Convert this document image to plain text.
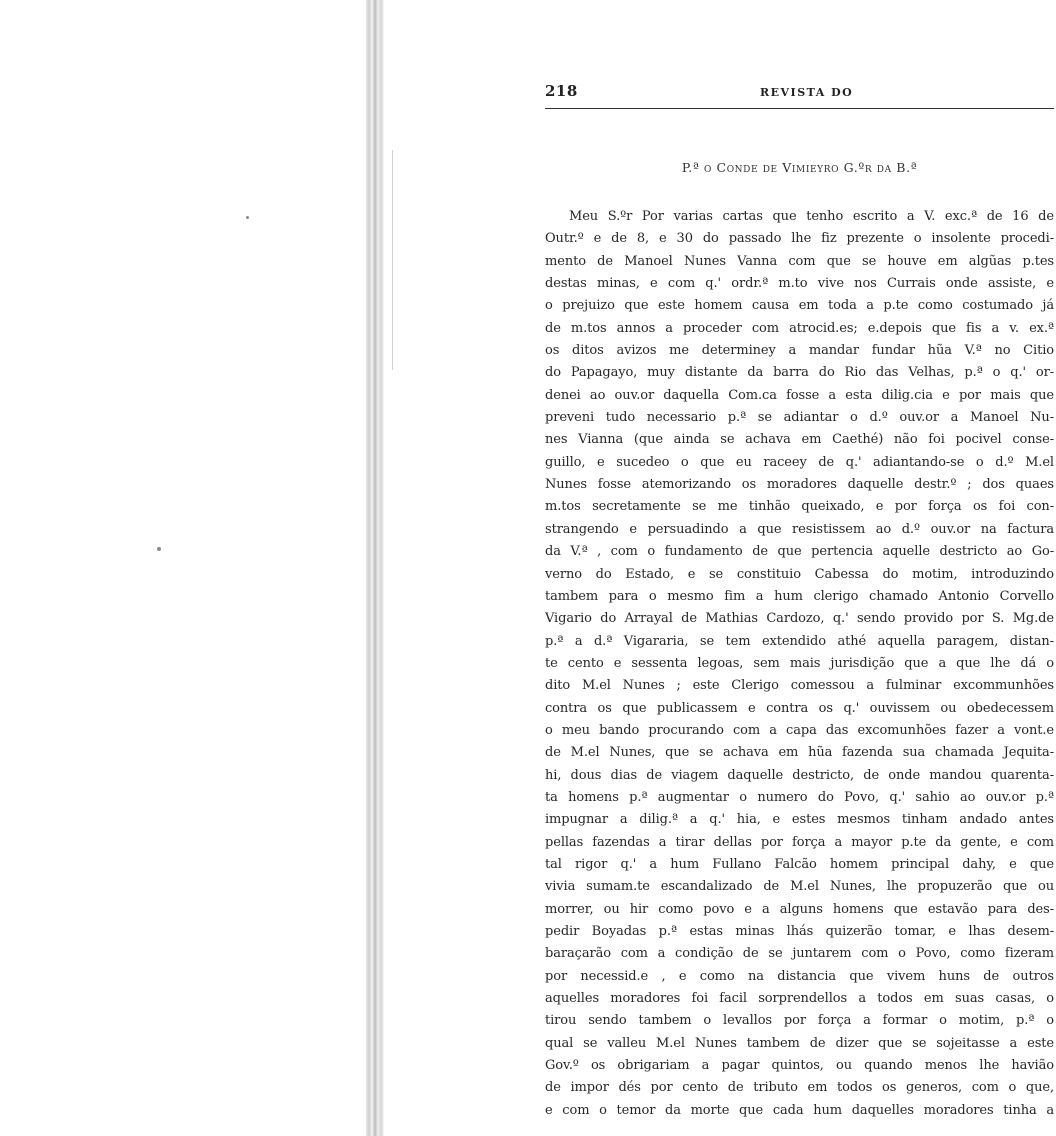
218	REVISTA DO
P.ª o Conde de Vimieyro G.ºr da B.ª
Meu S.ºr Por varias cartas que tenho escrito a V. exc.ª de 16 de
Outr.º e de 8, e 30 do passado lhe fiz prezente o insolente procedi-
mento de Manoel Nunes Vanna com que se houve em algũas p.tes
destas minas, e com q.' ordr.ª m.to vive nos Currais onde assiste, e
o prejuizo que este homem causa em toda a p.te como costumado já
de m.tos annos a proceder com atrocid.es; e.depois que fis a v. ex.ª
os ditos avizos me determiney a mandar fundar hũa V.ª no Citio
do Papagayo, muy distante da barra do Rio das Velhas, p.ª o q.' or-
denei ao ouv.or daquella Com.ca fosse a esta dilig.cia e por mais que
preveni tudo necessario p.ª se adiantar o d.º ouv.or a Manoel Nu-
nes Vianna (que ainda se achava em Caethé) não foi pocivel conse-
guillo, e sucedeo o que eu raceey de q.' adiantando-se o d.º M.el
Nunes fosse atemorizando os moradores daquelle destr.º ; dos quaes
m.tos secretamente se me tinhão queixado, e por força os foi con-
strangendo e persuadindo a que resistissem ao d.º ouv.or na factura
da V.ª , com o fundamento de que pertencia aquelle destricto ao Go-
verno do Estado, e se constituio Cabessa do motim, introduzindo
tambem para o mesmo fim a hum clerigo chamado Antonio Corvello
Vigario do Arrayal de Mathias Cardozo, q.' sendo provido por S. Mg.de
p.ª a d.ª Vigararia, se tem extendido athé aquella paragem, distan-
te cento e sessenta legoas, sem mais jurisdição que a que lhe dá o
dito M.el Nunes ; este Clerigo comessou a fulminar excommunhões
contra os que publicassem e contra os q.' ouvissem ou obedecessem
o meu bando procurando com a capa das excomunhões fazer a vont.e
de M.el Nunes, que se achava em hũa fazenda sua chamada Jequita-
hi, dous dias de viagem daquelle destricto, de onde mandou quarenta-
ta homens p.ª augmentar o numero do Povo, q.' sahio ao ouv.or p.ª
impugnar a dilig.ª a q.' hia, e estes mesmos tinham andado antes
pellas fazendas a tirar dellas por força a mayor p.te da gente, e com
tal rigor q.' a hum Fullano Falcão homem principal dahy, e que
vivia sumam.te escandalizado de M.el Nunes, lhe propuzerão que ou
morrer, ou hir como povo e a alguns homens que estavão para des-
pedir Boyadas p.ª estas minas lhás quizerão tomar, e lhas desem-
baraçarão com a condição de se juntarem com o Povo, como fizeram
por necessid.e , e como na distancia que vivem huns de outros
aquelles moradores foi facil sorprendellos a todos em suas casas, o
tirou sendo tambem o levallos por força a formar o motim, p.ª o
qual se valleu M.el Nunes tambem de dizer que se sojeitasse a este
Gov.º os obrigariam a pagar quintos, ou quando menos lhe havião
de impor dés por cento de tributo em todos os generos, com o que,
e com o temor da morte que cada hum daquelles moradores tinha a
